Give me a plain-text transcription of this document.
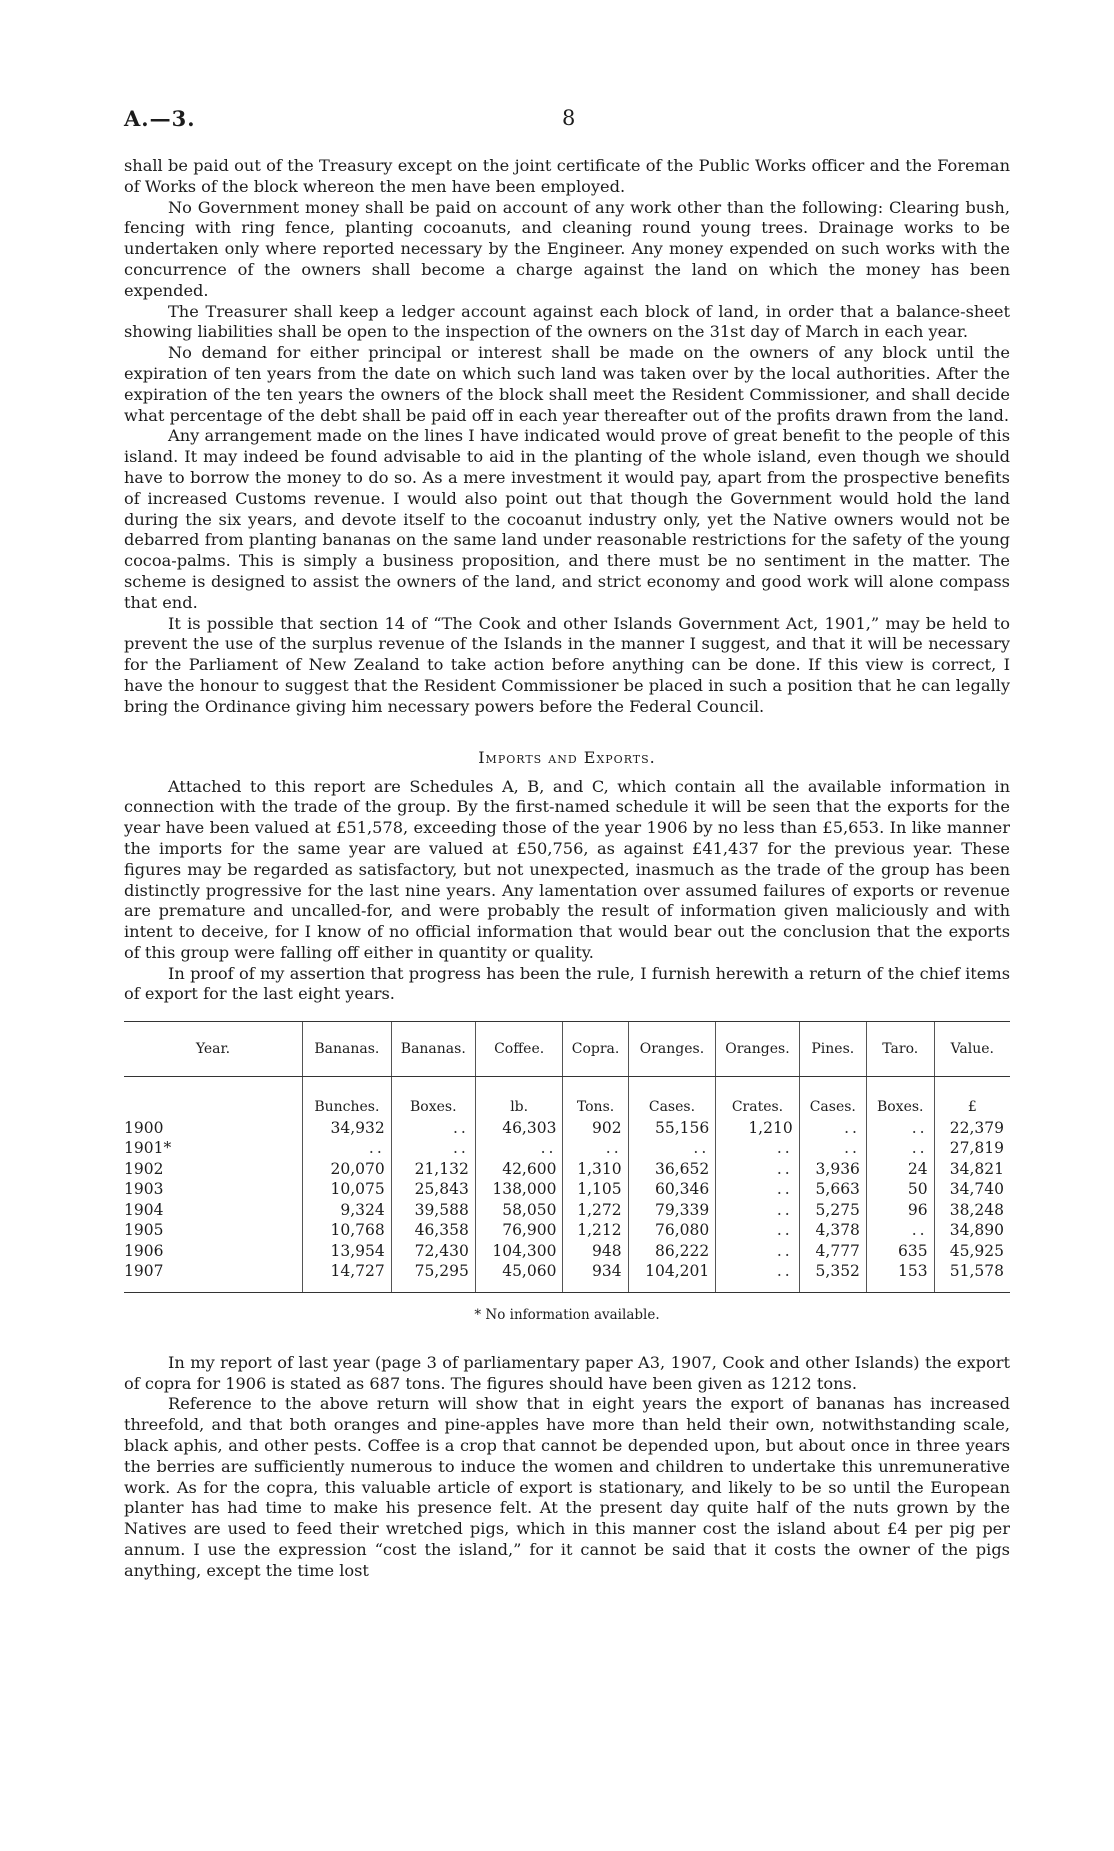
A.—3.	8

shall be paid out of the Treasury except on the joint certificate of the Public Works officer and the Foreman of Works of the block whereon the men have been employed.

No Government money shall be paid on account of any work other than the following: Clearing bush, fencing with ring fence, planting cocoanuts, and cleaning round young trees. Drainage works to be undertaken only where reported necessary by the Engineer. Any money expended on such works with the concurrence of the owners shall become a charge against the land on which the money has been expended.

The Treasurer shall keep a ledger account against each block of land, in order that a balance-sheet showing liabilities shall be open to the inspection of the owners on the 31st day of March in each year.

No demand for either principal or interest shall be made on the owners of any block until the expiration of ten years from the date on which such land was taken over by the local authorities. After the expiration of the ten years the owners of the block shall meet the Resident Commissioner, and shall decide what percentage of the debt shall be paid off in each year thereafter out of the profits drawn from the land.

Any arrangement made on the lines I have indicated would prove of great benefit to the people of this island. It may indeed be found advisable to aid in the planting of the whole island, even though we should have to borrow the money to do so. As a mere investment it would pay, apart from the prospective benefits of increased Customs revenue. I would also point out that though the Government would hold the land during the six years, and devote itself to the cocoanut industry only, yet the Native owners would not be debarred from planting bananas on the same land under reasonable restrictions for the safety of the young cocoa-palms. This is simply a business proposition, and there must be no sentiment in the matter. The scheme is designed to assist the owners of the land, and strict economy and good work will alone compass that end.

It is possible that section 14 of “The Cook and other Islands Government Act, 1901,” may be held to prevent the use of the surplus revenue of the Islands in the manner I suggest, and that it will be necessary for the Parliament of New Zealand to take action before anything can be done. If this view is correct, I have the honour to suggest that the Resident Commissioner be placed in such a position that he can legally bring the Ordinance giving him necessary powers before the Federal Council.

Imports and Exports.

Attached to this report are Schedules A, B, and C, which contain all the available information in connection with the trade of the group. By the first-named schedule it will be seen that the exports for the year have been valued at £51,578, exceeding those of the year 1906 by no less than £5,653. In like manner the imports for the same year are valued at £50,756, as against £41,437 for the previous year. These figures may be regarded as satisfactory, but not unexpected, inasmuch as the trade of the group has been distinctly progressive for the last nine years. Any lamentation over assumed failures of exports or revenue are premature and uncalled-for, and were probably the result of information given maliciously and with intent to deceive, for I know of no official information that would bear out the conclusion that the exports of this group were falling off either in quantity or quality.

In proof of my assertion that progress has been the rule, I furnish herewith a return of the chief items of export for the last eight years.

Year.	Bananas.	Bananas.	Coffee.	Copra.	Oranges.	Oranges.	Pines.	Taro.	Value.
	Bunches.	Boxes.	lb.	Tons.	Cases.	Crates.	Cases.	Boxes.	£
1900	34,932	..	46,303	902	55,156	1,210	..	..	22,379
1901*	..	..	..	..	..	..	..	..	27,819
1902	20,070	21,132	42,600	1,310	36,652	..	3,936	24	34,821
1903	10,075	25,843	138,000	1,105	60,346	..	5,663	50	34,740
1904	9,324	39,588	58,050	1,272	79,339	..	5,275	96	38,248
1905	10,768	46,358	76,900	1,212	76,080	..	4,378	..	34,890
1906	13,954	72,430	104,300	948	86,222	..	4,777	635	45,925
1907	14,727	75,295	45,060	934	104,201	..	5,352	153	51,578
* No information available.

In my report of last year (page 3 of parliamentary paper A3, 1907, Cook and other Islands) the export of copra for 1906 is stated as 687 tons. The figures should have been given as 1212 tons.

Reference to the above return will show that in eight years the export of bananas has increased threefold, and that both oranges and pine-apples have more than held their own, notwithstanding scale, black aphis, and other pests. Coffee is a crop that cannot be depended upon, but about once in three years the berries are sufficiently numerous to induce the women and children to undertake this unremunerative work. As for the copra, this valuable article of export is stationary, and likely to be so until the European planter has had time to make his presence felt. At the present day quite half of the nuts grown by the Natives are used to feed their wretched pigs, which in this manner cost the island about £4 per pig per annum. I use the expression “cost the island,” for it cannot be said that it costs the owner of the pigs anything, except the time lost
